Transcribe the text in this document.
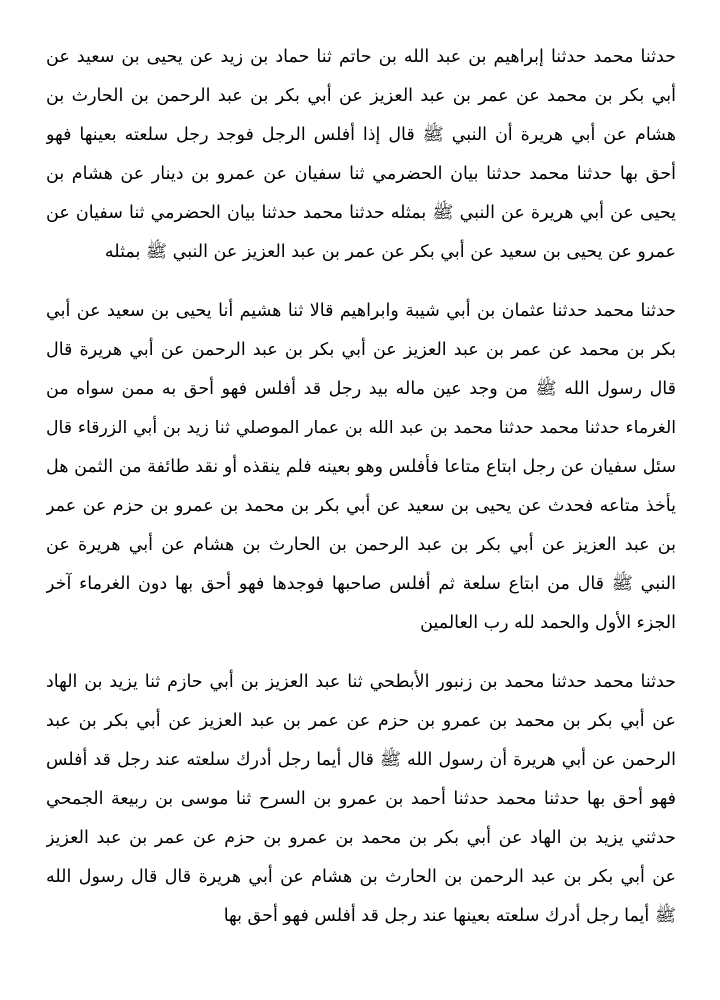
حدثنا محمد حدثنا إبراهيم بن عبد الله بن حاتم ثنا حماد بن زيد عن يحيى بن سعيد عن
أبي بكر بن محمد عن عمر بن عبد العزيز عن أبي بكر بن عبد الرحمن بن الحارث بن
هشام عن أبي هريرة أن النبي ﷺ قال إذا أفلس الرجل فوجد رجل سلعته بعينها فهو
أحق بها حدثنا محمد حدثنا بيان الحضرمي ثنا سفيان عن عمرو بن دينار عن هشام بن
يحيى عن أبي هريرة عن النبي ﷺ بمثله حدثنا محمد حدثنا بيان الحضرمي ثنا سفيان عن
عمرو عن يحيى بن سعيد عن أبي بكر عن عمر بن عبد العزيز عن النبي ﷺ بمثله
حدثنا محمد حدثنا عثمان بن أبي شيبة وابراهيم قالا ثنا هشيم أنا يحيى بن سعيد عن أبي
بكر بن محمد عن عمر بن عبد العزيز عن أبي بكر بن عبد الرحمن عن أبي هريرة قال
قال رسول الله ﷺ من وجد عين ماله بيد رجل قد أفلس فهو أحق به ممن سواه من
الغرماء حدثنا محمد حدثنا محمد بن عبد الله بن عمار الموصلي ثنا زيد بن أبي الزرقاء قال
سئل سفيان عن رجل ابتاع متاعا فأفلس وهو بعينه فلم ينقذه أو نقد طائفة من الثمن هل
يأخذ متاعه فحدث عن يحيى بن سعيد عن أبي بكر بن محمد بن عمرو بن حزم عن عمر
بن عبد العزيز عن أبي بكر بن عبد الرحمن بن الحارث بن هشام عن أبي هريرة عن
النبي ﷺ قال من ابتاع سلعة ثم أفلس صاحبها فوجدها فهو أحق بها دون الغرماء آخر
الجزء الأول والحمد لله رب العالمين
حدثنا محمد حدثنا محمد بن زنبور الأبطحي ثنا عبد العزيز بن أبي حازم ثنا يزيد بن الهاد
عن أبي بكر بن محمد بن عمرو بن حزم عن عمر بن عبد العزيز عن أبي بكر بن عبد
الرحمن عن أبي هريرة أن رسول الله ﷺ قال أيما رجل أدرك سلعته عند رجل قد أفلس
فهو أحق بها حدثنا محمد حدثنا أحمد بن عمرو بن السرح ثنا موسى بن ربيعة الجمحي
حدثني يزيد بن الهاد عن أبي بكر بن محمد بن عمرو بن حزم عن عمر بن عبد العزيز
عن أبي بكر بن عبد الرحمن بن الحارث بن هشام عن أبي هريرة قال قال رسول الله
ﷺ أيما رجل أدرك سلعته بعينها عند رجل قد أفلس فهو أحق بها
